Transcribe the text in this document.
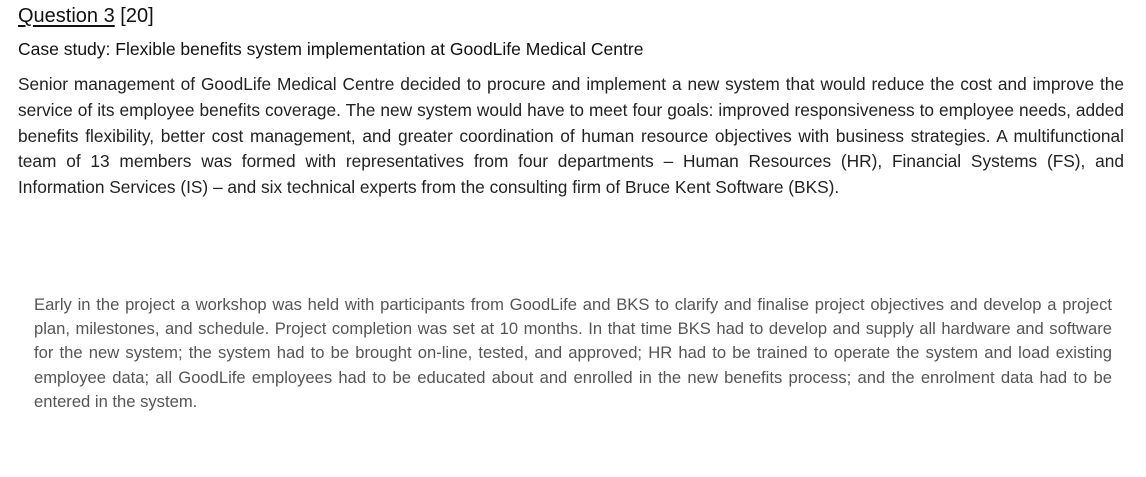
Question 3 [20]
Case study: Flexible benefits system implementation at GoodLife Medical Centre

Senior management of GoodLife Medical Centre decided to procure and implement a new system that would reduce the cost and improve the service of its employee benefits coverage. The new system would have to meet four goals: improved responsiveness to employee needs, added benefits flexibility, better cost management, and greater coordination of human resource objectives with business strategies. A multifunctional team of 13 members was formed with representatives from four departments – Human Resources (HR), Financial Systems (FS), and Information Services (IS) – and six technical experts from the consulting firm of Bruce Kent Software (BKS).

Early in the project a workshop was held with participants from GoodLife and BKS to clarify and finalise project objectives and develop a project plan, milestones, and schedule. Project completion was set at 10 months. In that time BKS had to develop and supply all hardware and software for the new system; the system had to be brought on-line, tested, and approved; HR had to be trained to operate the system and load existing employee data; all GoodLife employees had to be educated about and enrolled in the new benefits process; and the enrolment data had to be entered in the system.
